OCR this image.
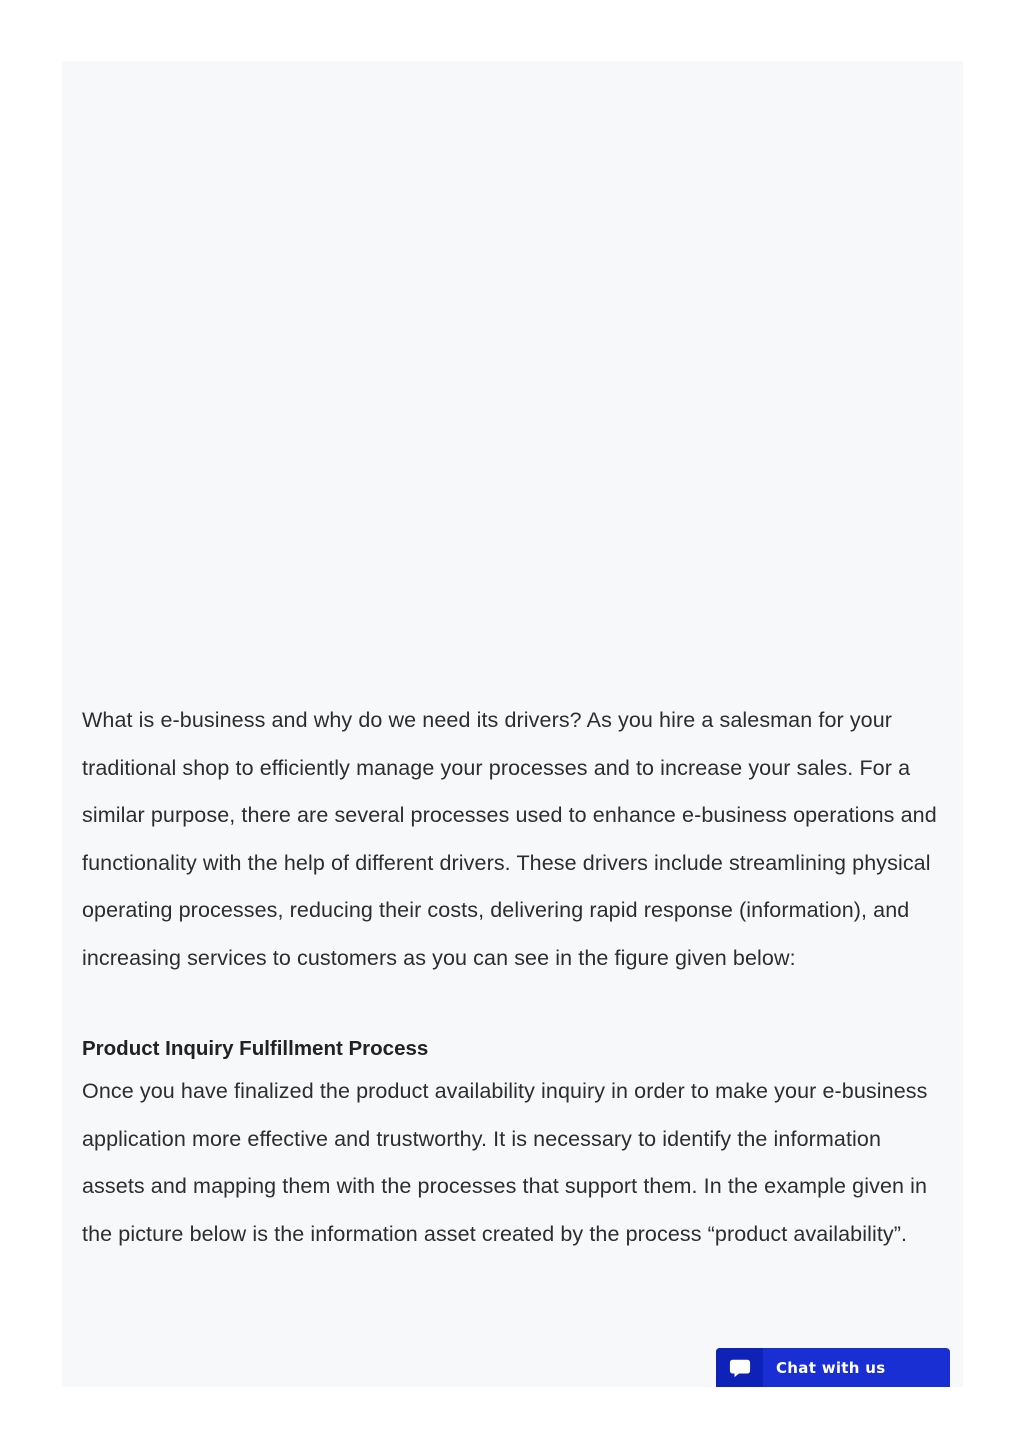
What is e-business and why do we need its drivers? As you hire a salesman for your traditional shop to efficiently manage your processes and to increase your sales. For a similar purpose, there are several processes used to enhance e-business operations and functionality with the help of different drivers. These drivers include streamlining physical operating processes, reducing their costs, delivering rapid response (information), and increasing services to customers as you can see in the figure given below:

Product Inquiry Fulfillment Process

Once you have finalized the product availability inquiry in order to make your e-business application more effective and trustworthy. It is necessary to identify the information assets and mapping them with the processes that support them. In the example given in the picture below is the information asset created by the process “product availability”.

Chat with us
